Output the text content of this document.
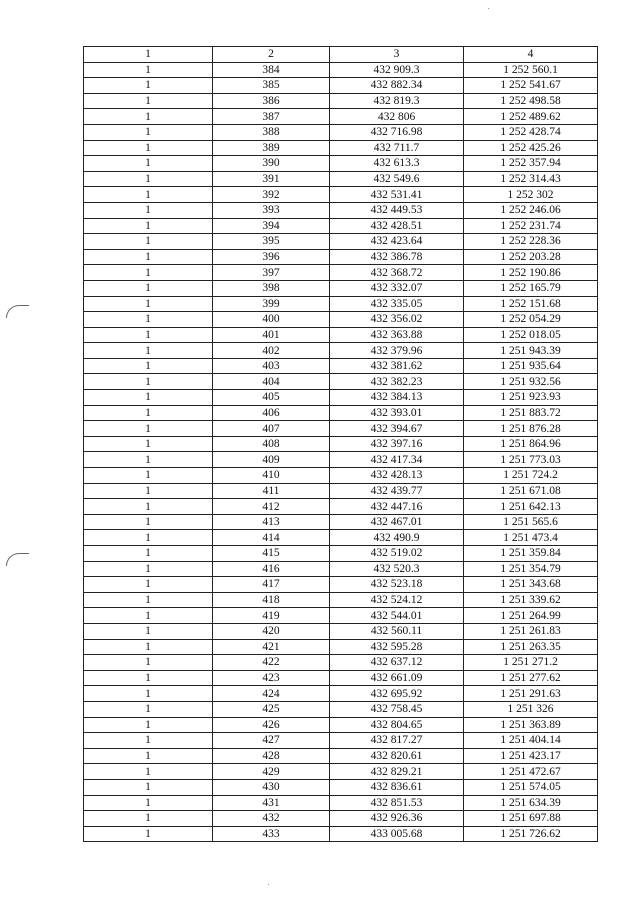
1	2	3	4
1	384	432 909.3	1 252 560.1
1	385	432 882.34	1 252 541.67
1	386	432 819.3	1 252 498.58
1	387	432 806	1 252 489.62
1	388	432 716.98	1 252 428.74
1	389	432 711.7	1 252 425.26
1	390	432 613.3	1 252 357.94
1	391	432 549.6	1 252 314.43
1	392	432 531.41	1 252 302
1	393	432 449.53	1 252 246.06
1	394	432 428.51	1 252 231.74
1	395	432 423.64	1 252 228.36
1	396	432 386.78	1 252 203.28
1	397	432 368.72	1 252 190.86
1	398	432 332.07	1 252 165.79
1	399	432 335.05	1 252 151.68
1	400	432 356.02	1 252 054.29
1	401	432 363.88	1 252 018.05
1	402	432 379.96	1 251 943.39
1	403	432 381.62	1 251 935.64
1	404	432 382.23	1 251 932.56
1	405	432 384.13	1 251 923.93
1	406	432 393.01	1 251 883.72
1	407	432 394.67	1 251 876.28
1	408	432 397.16	1 251 864.96
1	409	432 417.34	1 251 773.03
1	410	432 428.13	1 251 724.2
1	411	432 439.77	1 251 671.08
1	412	432 447.16	1 251 642.13
1	413	432 467.01	1 251 565.6
1	414	432 490.9	1 251 473.4
1	415	432 519.02	1 251 359.84
1	416	432 520.3	1 251 354.79
1	417	432 523.18	1 251 343.68
1	418	432 524.12	1 251 339.62
1	419	432 544.01	1 251 264.99
1	420	432 560.11	1 251 261.83
1	421	432 595.28	1 251 263.35
1	422	432 637.12	1 251 271.2
1	423	432 661.09	1 251 277.62
1	424	432 695.92	1 251 291.63
1	425	432 758.45	1 251 326
1	426	432 804.65	1 251 363.89
1	427	432 817.27	1 251 404.14
1	428	432 820.61	1 251 423.17
1	429	432 829.21	1 251 472.67
1	430	432 836.61	1 251 574.05
1	431	432 851.53	1 251 634.39
1	432	432 926.36	1 251 697.88
1	433	433 005.68	1 251 726.62
